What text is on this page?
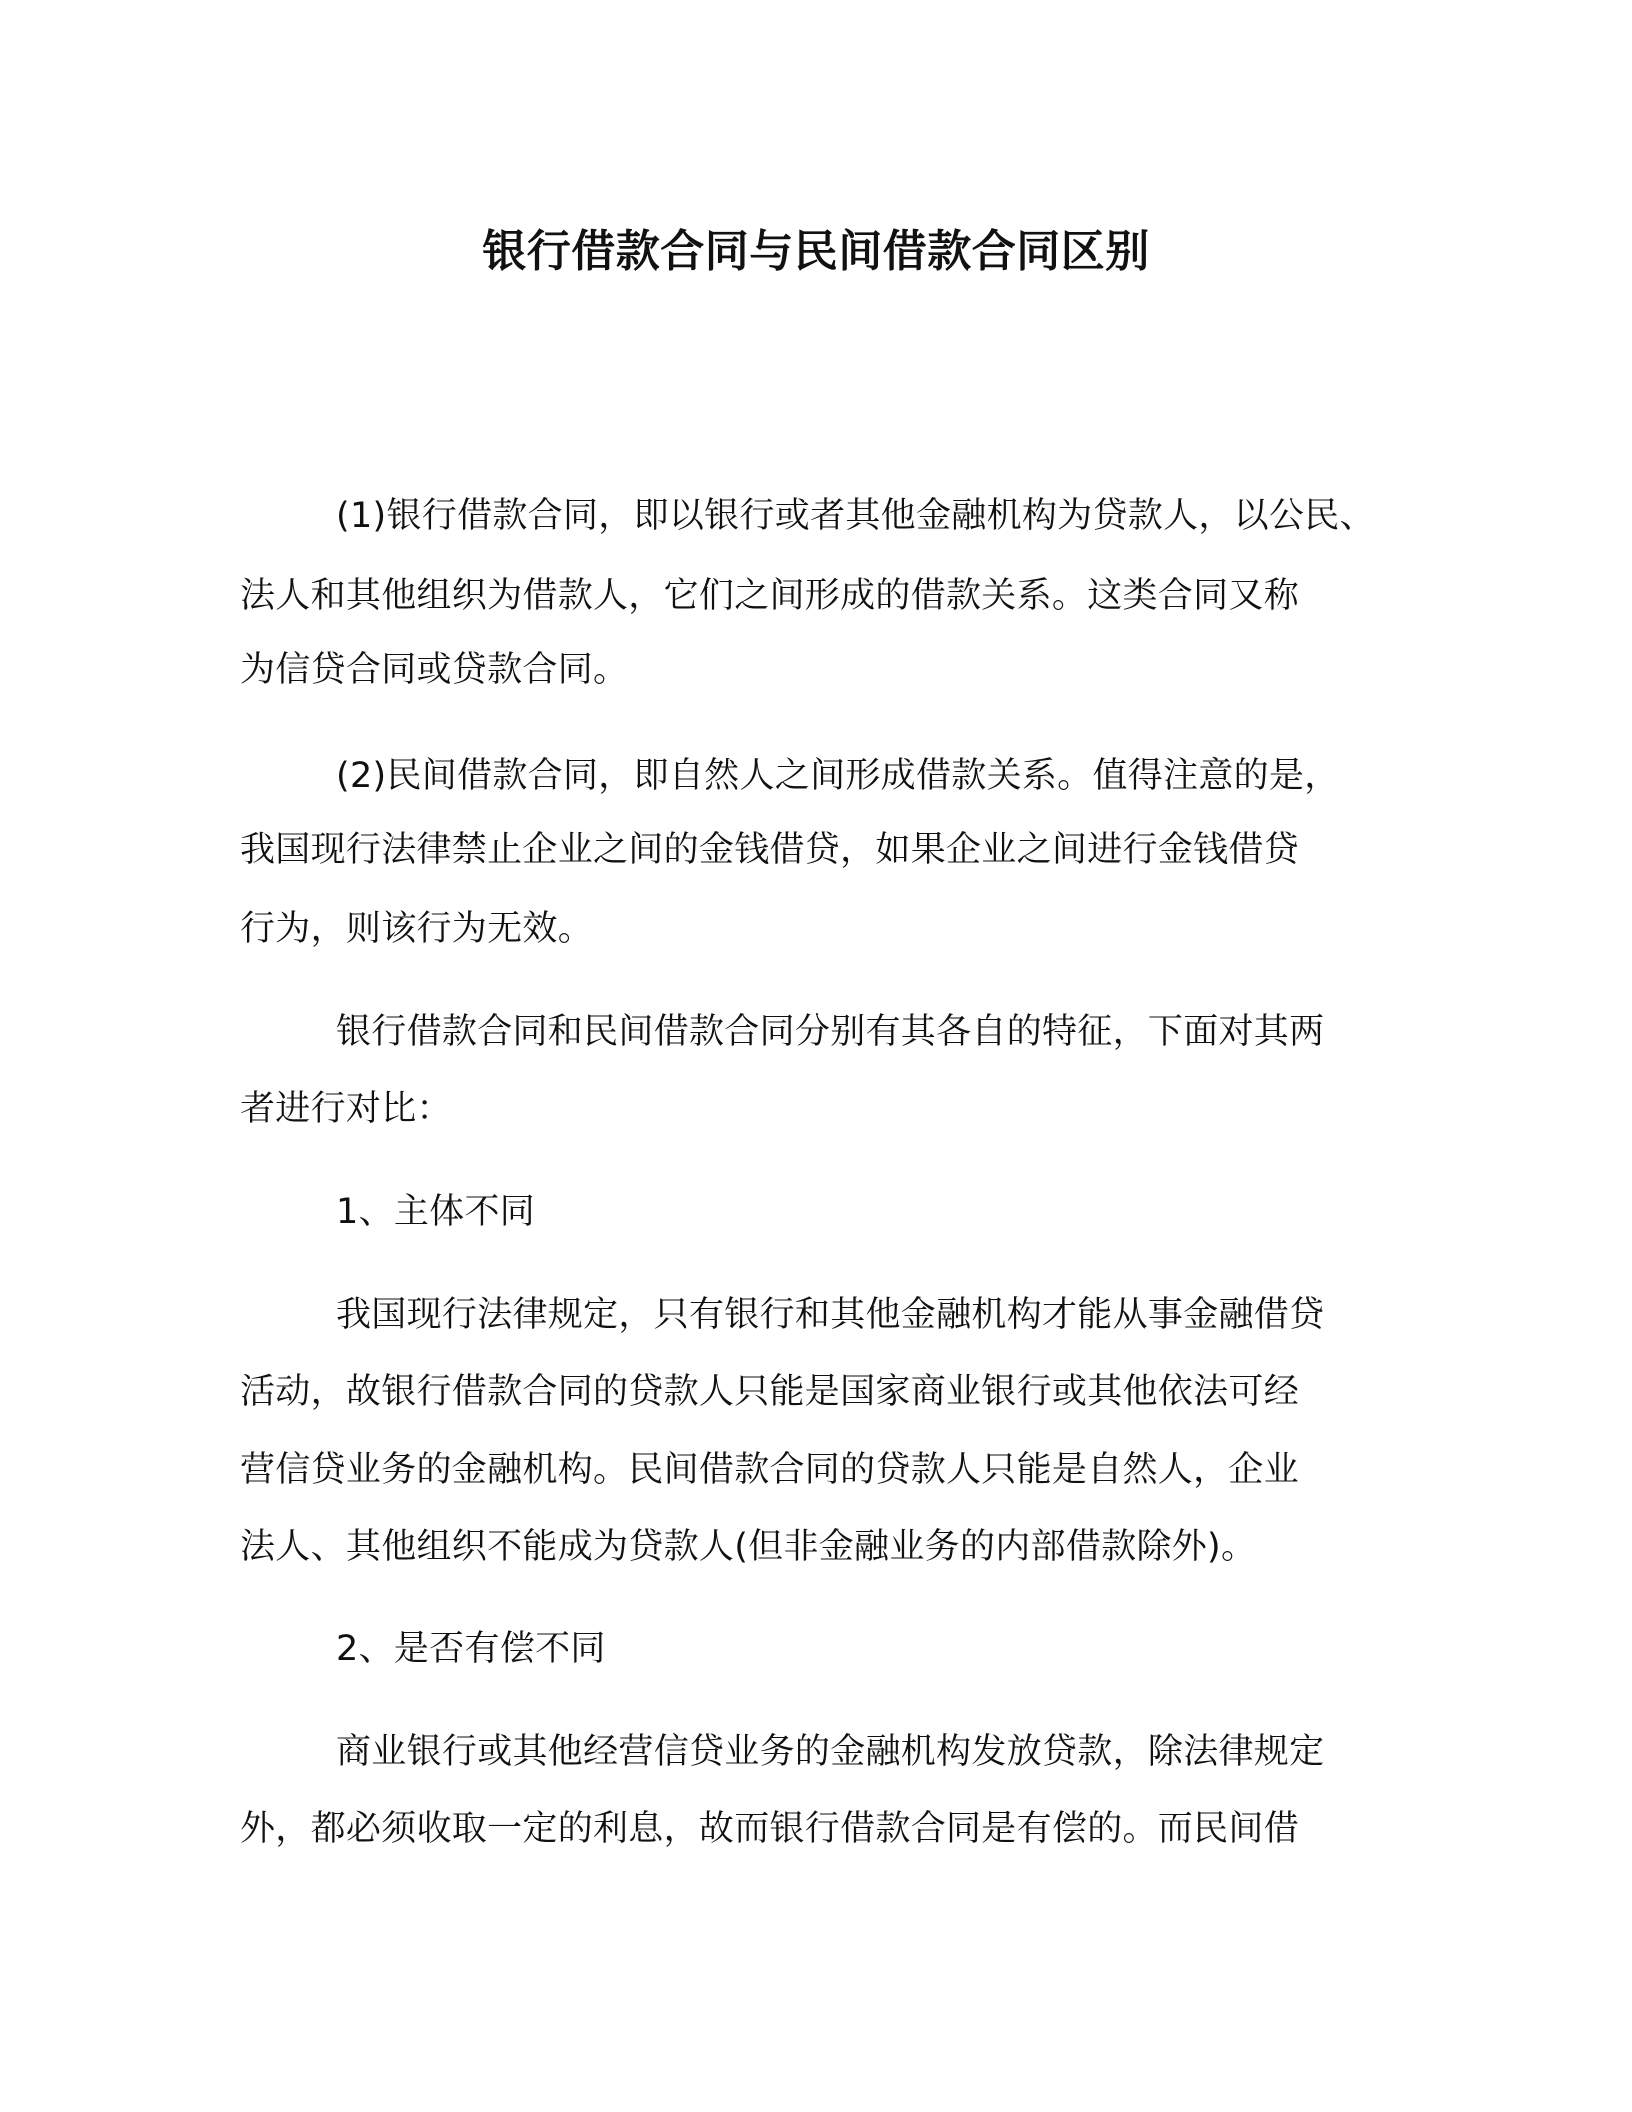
银行借款合同与民间借款合同区别
(1)银行借款合同，即以银行或者其他金融机构为贷款人，以公民、
法人和其他组织为借款人，它们之间形成的借款关系。这类合同又称
为信贷合同或贷款合同。
(2)民间借款合同，即自然人之间形成借款关系。值得注意的是，
我国现行法律禁止企业之间的金钱借贷，如果企业之间进行金钱借贷
行为，则该行为无效。
银行借款合同和民间借款合同分别有其各自的特征，下面对其两
者进行对比：
1、主体不同
我国现行法律规定，只有银行和其他金融机构才能从事金融借贷
活动，故银行借款合同的贷款人只能是国家商业银行或其他依法可经
营信贷业务的金融机构。民间借款合同的贷款人只能是自然人，企业
法人、其他组织不能成为贷款人(但非金融业务的内部借款除外)。
2、是否有偿不同
商业银行或其他经营信贷业务的金融机构发放贷款，除法律规定
外，都必须收取一定的利息，故而银行借款合同是有偿的。而民间借
